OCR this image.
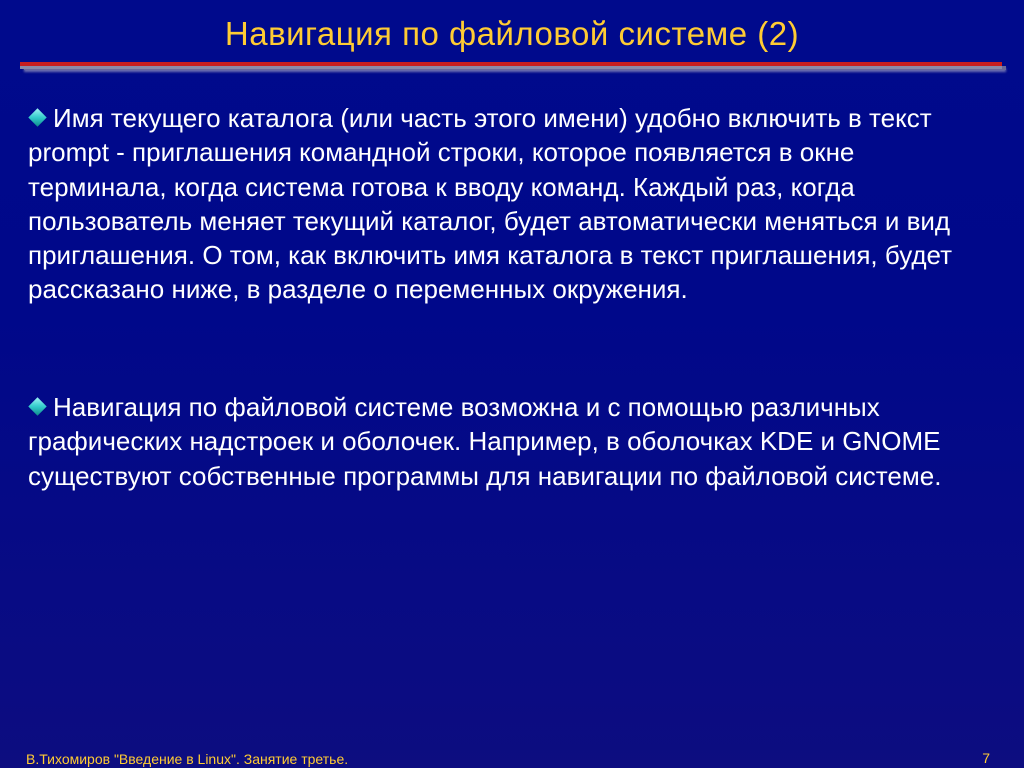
Навигация по файловой системе (2)
Имя текущего каталога (или часть этого имени) удобно включить в текст prompt - приглашения командной строки, которое появляется в окне терминала, когда система готова к вводу команд. Каждый раз, когда пользователь меняет текущий каталог, будет автоматически меняться и вид приглашения. О том, как включить имя каталога в текст приглашения, будет рассказано ниже, в разделе о переменных окружения.
Навигация по файловой системе возможна и с помощью различных графических надстроек и оболочек. Например, в оболочках KDE и GNOME существуют собственные программы для навигации по файловой системе.
В.Тихомиров "Введение в Linux". Занятие третье.	7
